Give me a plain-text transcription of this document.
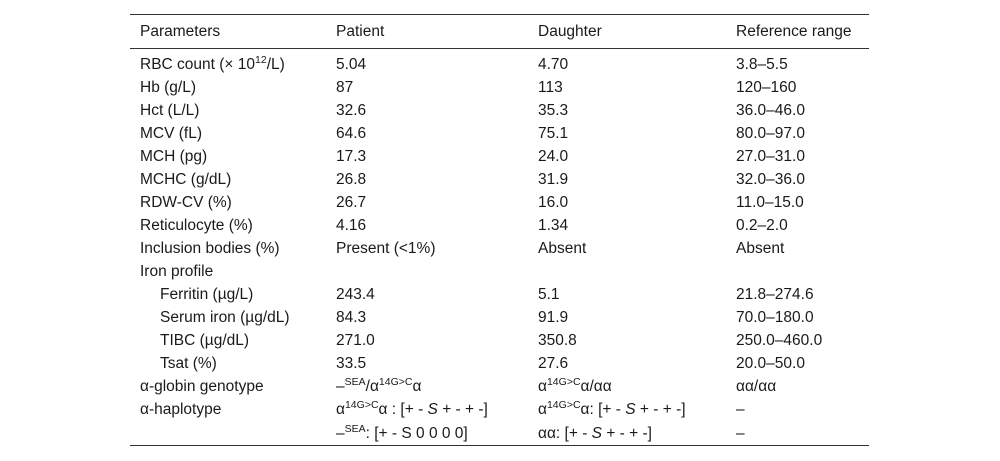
Parameters	Patient	Daughter	Reference range
RBC count (× $10^{12}/L$)	5.04	4.70	3.8–5.5
Hb (g/L)	87	113	120–160
Hct (L/L)	32.6	35.3	36.0–46.0
MCV (fL)	64.6	75.1	80.0–97.0
MCH (pg)	17.3	24.0	27.0–31.0
MCHC (g/dL)	26.8	31.9	32.0–36.0
RDW-CV (%)	26.7	16.0	11.0–15.0
Reticulocyte (%)	4.16	1.34	0.2–2.0
Inclusion bodies (%)	Present (<1%)	Absent	Absent
Iron profile			
Ferritin (µg/L)	243.4	5.1	21.8–274.6
Serum iron (µg/dL)	84.3	91.9	70.0–180.0
TIBC (µg/dL)	271.0	350.8	250.0–460.0
Tsat (%)	33.5	27.6	20.0–50.0
α-globin genotype	$-^{SEA}/\alpha^{14G>C}\alpha$	$\alpha^{14G>C}\alpha/\alpha\alpha$	αα/αα
α-haplotype	$\alpha^{14G>C}\alpha$ : [+ - S + - + -]	$\alpha^{14G>C}\alpha$: [+ - S + - + -]	–
	–$^{SEA}$: [+ - S 0 0 0 0]	αα: [+ - S + - + -]	–
